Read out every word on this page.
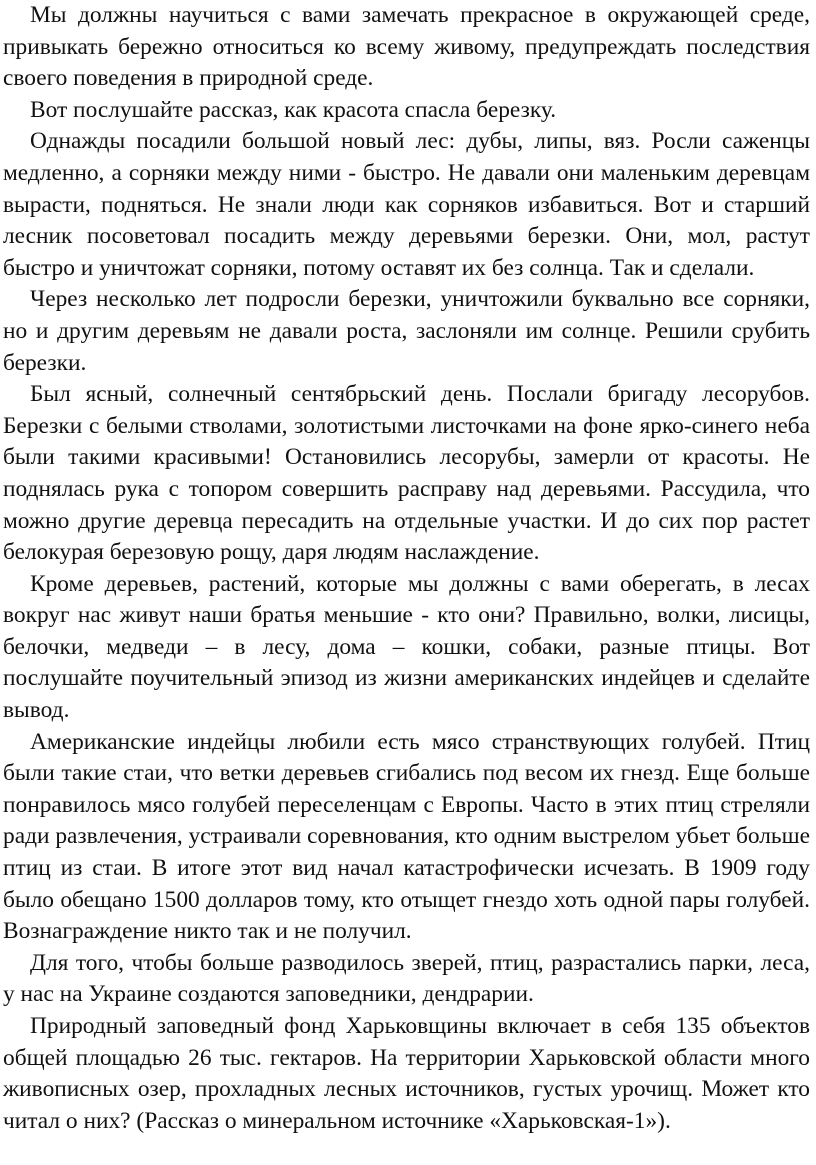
Мы должны научиться с вами замечать прекрасное в окружающей среде, привыкать бережно относиться ко всему живому, предупреждать последствия своего поведения в природной среде.

Вот послушайте рассказ, как красота спасла березку.

Однажды посадили большой новый лес: дубы, липы, вяз. Росли саженцы медленно, а сорняки между ними - быстро. Не давали они маленьким деревцам вырасти, подняться. Не знали люди как сорняков избавиться. Вот и старший лесник посоветовал посадить между деревьями березки. Они, мол, растут быстро и уничтожат сорняки, потому оставят их без солнца. Так и сделали.

Через несколько лет подросли березки, уничтожили буквально все сорняки, но и другим деревьям не давали роста, заслоняли им солнце. Решили срубить березки.

Был ясный, солнечный сентябрьский день. Послали бригаду лесорубов. Березки с белыми стволами, золотистыми листочками на фоне ярко-синего неба были такими красивыми! Остановились лесорубы, замерли от красоты. Не поднялась рука с топором совершить расправу над деревьями. Рассудила, что можно другие деревца пересадить на отдельные участки. И до сих пор растет белокурая березовую рощу, даря людям наслаждение.

Кроме деревьев, растений, которые мы должны с вами оберегать, в лесах вокруг нас живут наши братья меньшие - кто они? Правильно, волки, лисицы, белочки, медведи – в лесу, дома – кошки, собаки, разные птицы. Вот послушайте поучительный эпизод из жизни американских индейцев и сделайте вывод.

Американские индейцы любили есть мясо странствующих голубей. Птиц были такие стаи, что ветки деревьев сгибались под весом их гнезд. Еще больше понравилось мясо голубей переселенцам с Европы. Часто в этих птиц стреляли ради развлечения, устраивали соревнования, кто одним выстрелом убьет больше птиц из стаи. В итоге этот вид начал катастрофически исчезать. В 1909 году было обещано 1500 долларов тому, кто отыщет гнездо хоть одной пары голубей. Вознаграждение никто так и не получил.

Для того, чтобы больше разводилось зверей, птиц, разрастались парки, леса, у нас на Украине создаются заповедники, дендрарии.

Природный заповедный фонд Харьковщины включает в себя 135 объектов общей площадью 26 тыс. гектаров. На территории Харьковской области много живописных озер, прохладных лесных источников, густых урочищ. Может кто читал о них? (Рассказ о минеральном источнике «Харьковская-1»).
